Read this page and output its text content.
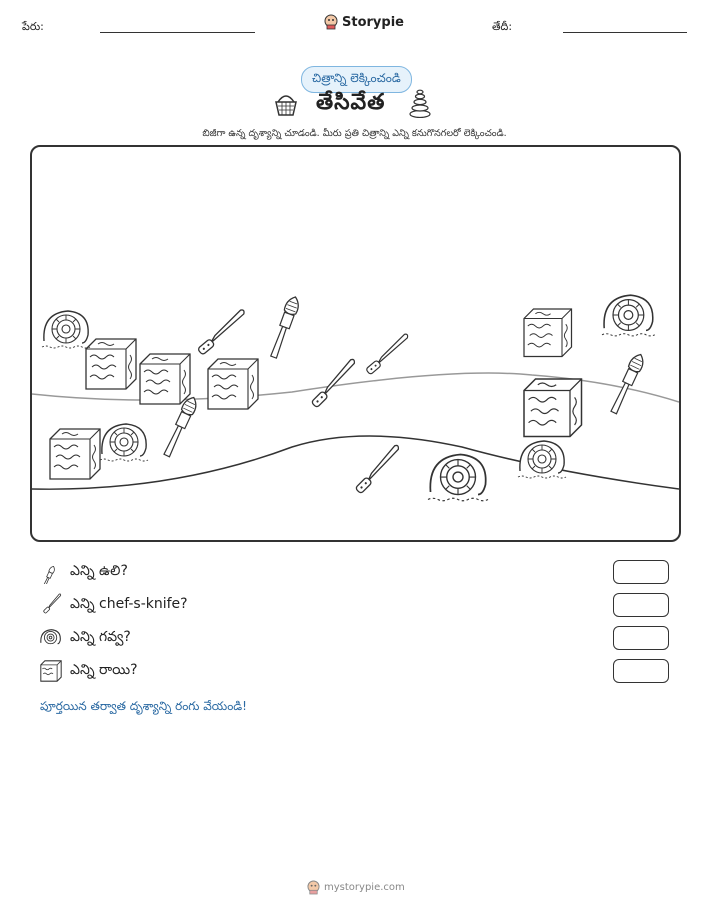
పేరు:	Storypie	తేదీ:
చిత్రాన్ని లెక్కించండి
తేసివేత
బిజీగా ఉన్న దృశ్యాన్ని చూడండి. మీరు ప్రతి చిత్రాన్ని ఎన్ని కనుగొనగలరో లెక్కించండి.
ఎన్ని ఉలి?
ఎన్ని chef-s-knife?
ఎన్ని గవ్వ?
ఎన్ని రాయి?
పూర్తయిన తర్వాత దృశ్యాన్ని రంగు వేయండి!
mystorypie.com
